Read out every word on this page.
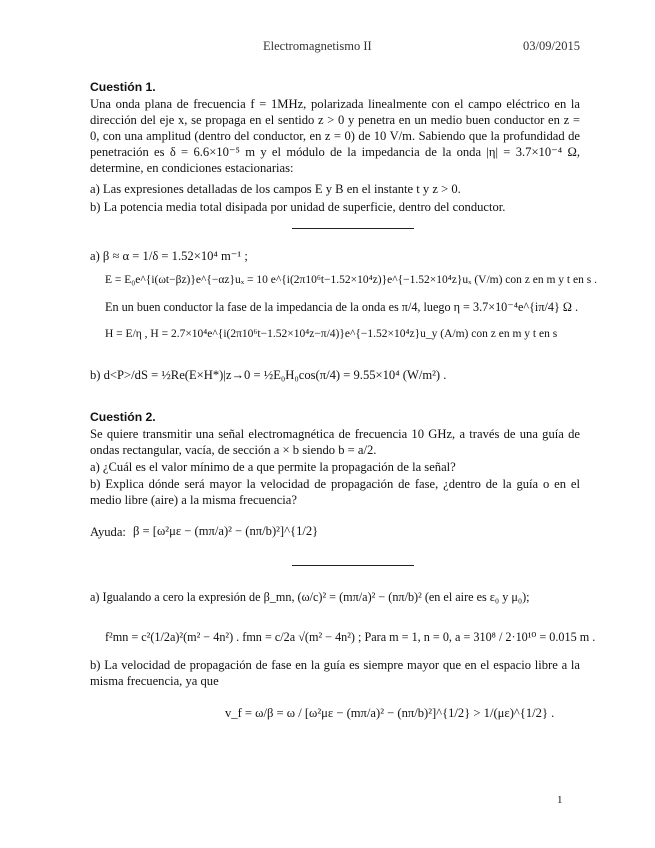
Electromagnetismo II	03/09/2015
Cuestión 1.
Una onda plana de frecuencia f = 1MHz, polarizada linealmente con el campo eléctrico en la dirección del eje x, se propaga en el sentido z > 0 y penetra en un medio buen conductor en z = 0, con una amplitud (dentro del conductor, en z = 0) de 10 V/m. Sabiendo que la profundidad de penetración es δ = 6.6×10⁻⁵ m y el módulo de la impedancia de la onda |η| = 3.7×10⁻⁴ Ω, determine, en condiciones estacionarias:
a) Las expresiones detalladas de los campos E y B en el instante t y z > 0.
b) La potencia media total disipada por unidad de superficie, dentro del conductor.
a) β ≈ α = 1/δ = 1.52×10⁴ m⁻¹ ;
E = E₀e^{i(ωt−βz)}e^{−αz}uₓ = 10 e^{i(2π10⁶t−1.52×10⁴z)}e^{−1.52×10⁴z}uₓ (V/m) con z en m y t en s .
En un buen conductor la fase de la impedancia de la onda es π/4, luego η = 3.7×10⁻⁴e^{iπ/4} Ω .
H = E/η , H = 2.7×10⁴e^{i(2π10⁶t−1.52×10⁴z−π/4)}e^{−1.52×10⁴z}u_y (A/m) con z en m y t en s
b) d<P>/dS = ½Re(E×H*)|z→0 = ½E₀H₀cos(π/4) = 9.55×10⁴ (W/m²) .
Cuestión 2.
Se quiere transmitir una señal electromagnética de frecuencia 10 GHz, a través de una guía de ondas rectangular, vacía, de sección a × b siendo b = a/2.
a) ¿Cuál es el valor mínimo de a que permite la propagación de la señal?
b) Explica dónde será mayor la velocidad de propagación de fase, ¿dentro de la guía o en el medio libre (aire) a la misma frecuencia?
Ayuda: β = [ω²με − (mπ/a)² − (nπ/b)²]^{1/2}
a) Igualando a cero la expresión de β_mn, (ω/c)² = (mπ/a)² − (nπ/b)² (en el aire es ε₀ y μ₀);
f²mn = c²(1/2a)²(m² − 4n²) . fmn = c/2a √(m² − 4n²) ; Para m = 1, n = 0, a = 310⁸ / 2·10¹⁰ = 0.015 m .
b) La velocidad de propagación de fase en la guía es siempre mayor que en el espacio libre a la misma frecuencia, ya que
v_f = ω/β = ω / [ω²με − (mπ/a)² − (nπ/b)²]^{1/2} > 1/(με)^{1/2} .
1
